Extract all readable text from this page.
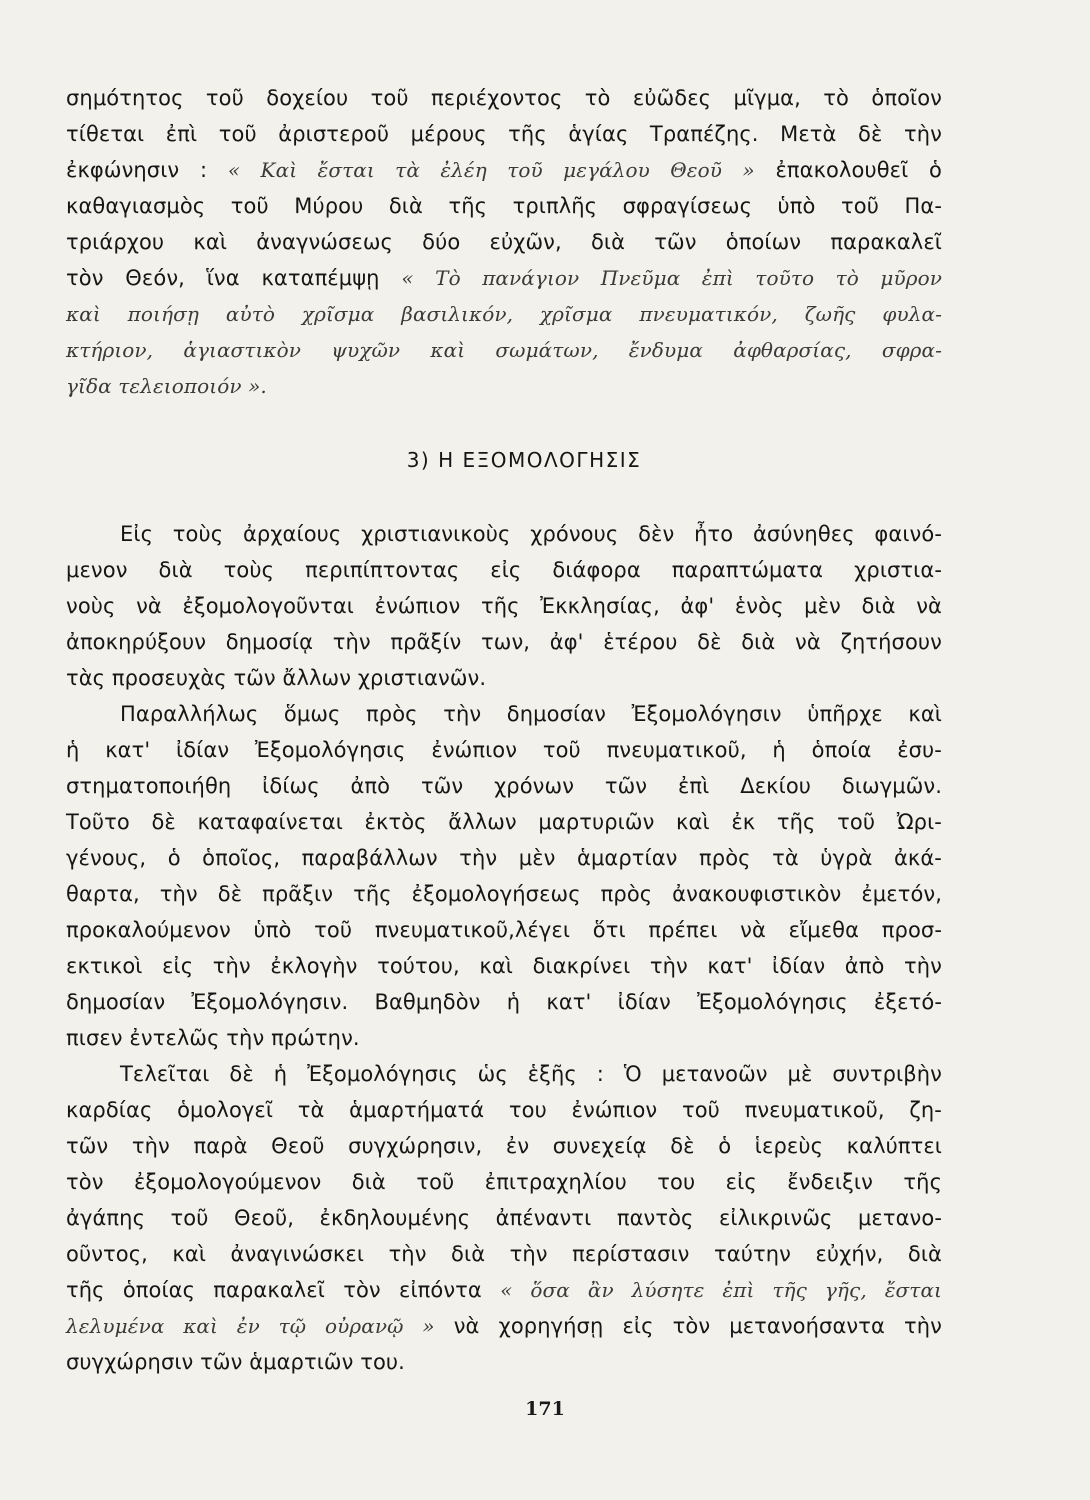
σημότητος τοῦ δοχείου τοῦ περιέχοντος τὸ εὐῶδες μῖγμα, τὸ ὁποῖον
τίθεται ἐπὶ τοῦ ἀριστεροῦ μέρους τῆς ἁγίας Τραπέζης. Μετὰ δὲ τὴν
ἐκφώνησιν : « Καὶ ἔσται τὰ ἐλέη τοῦ μεγάλου Θεοῦ » ἐπακολουθεῖ ὁ
καθαγιασμὸς τοῦ Μύρου διὰ τῆς τριπλῆς σφραγίσεως ὑπὸ τοῦ Πα-
τριάρχου καὶ ἀναγνώσεως δύο εὐχῶν, διὰ τῶν ὁποίων παρακαλεῖ
τὸν Θεόν, ἵνα καταπέμψῃ « Τὸ πανάγιον Πνεῦμα ἐπὶ τοῦτο τὸ μῦρον
καὶ ποιήσῃ αὐτὸ χρῖσμα βασιλικόν, χρῖσμα πνευματικόν, ζωῆς φυλα-
κτήριον, ἁγιαστικὸν ψυχῶν καὶ σωμάτων, ἔνδυμα ἀφθαρσίας, σφρα-
γῖδα τελειοποιόν ».
3) Η ΕΞΟΜΟΛΟΓΗΣΙΣ
Εἰς τοὺς ἀρχαίους χριστιανικοὺς χρόνους δὲν ἦτο ἀσύνηθες φαινό-
μενον διὰ τοὺς περιπίπτοντας εἰς διάφορα παραπτώματα χριστια-
νοὺς νὰ ἐξομολογοῦνται ἐνώπιον τῆς Ἐκκλησίας, ἀφ' ἑνὸς μὲν διὰ νὰ
ἀποκηρύξουν δημοσίᾳ τὴν πρᾶξίν των, ἀφ' ἑτέρου δὲ διὰ νὰ ζητήσουν
τὰς προσευχὰς τῶν ἄλλων χριστιανῶν.
Παραλλήλως ὅμως πρὸς τὴν δημοσίαν Ἐξομολόγησιν ὑπῆρχε καὶ
ἡ κατ' ἰδίαν Ἐξομολόγησις ἐνώπιον τοῦ πνευματικοῦ, ἡ ὁποία ἐσυ-
στηματοποιήθη ἰδίως ἀπὸ τῶν χρόνων τῶν ἐπὶ Δεκίου διωγμῶν.
Τοῦτο δὲ καταφαίνεται ἐκτὸς ἄλλων μαρτυριῶν καὶ ἐκ τῆς τοῦ Ὠρι-
γένους, ὁ ὁποῖος, παραβάλλων τὴν μὲν ἁμαρτίαν πρὸς τὰ ὑγρὰ ἀκά-
θαρτα, τὴν δὲ πρᾶξιν τῆς ἐξομολογήσεως πρὸς ἀνακουφιστικὸν ἐμετόν,
προκαλούμενον ὑπὸ τοῦ πνευματικοῦ,λέγει ὅτι πρέπει νὰ εἴμεθα προσ-
εκτικοὶ εἰς τὴν ἐκλογὴν τούτου, καὶ διακρίνει τὴν κατ' ἰδίαν ἀπὸ τὴν
δημοσίαν Ἐξομολόγησιν. Βαθμηδὸν ἡ κατ' ἰδίαν Ἐξομολόγησις ἐξετό-
πισεν ἐντελῶς τὴν πρώτην.
Τελεῖται δὲ ἡ Ἐξομολόγησις ὡς ἑξῆς : Ὁ μετανοῶν μὲ συντριβὴν
καρδίας ὁμολογεῖ τὰ ἁμαρτήματά του ἐνώπιον τοῦ πνευματικοῦ, ζη-
τῶν τὴν παρὰ Θεοῦ συγχώρησιν, ἐν συνεχείᾳ δὲ ὁ ἱερεὺς καλύπτει
τὸν ἐξομολογούμενον διὰ τοῦ ἐπιτραχηλίου του εἰς ἔνδειξιν τῆς
ἀγάπης τοῦ Θεοῦ, ἐκδηλουμένης ἀπέναντι παντὸς εἰλικρινῶς μετανο-
οῦντος, καὶ ἀναγινώσκει τὴν διὰ τὴν περίστασιν ταύτην εὐχήν, διὰ
τῆς ὁποίας παρακαλεῖ τὸν εἰπόντα « ὅσα ἂν λύσητε ἐπὶ τῆς γῆς, ἔσται
λελυμένα καὶ ἐν τῷ οὐρανῷ » νὰ χορηγήσῃ εἰς τὸν μετανοήσαντα τὴν
συγχώρησιν τῶν ἁμαρτιῶν του.
171
